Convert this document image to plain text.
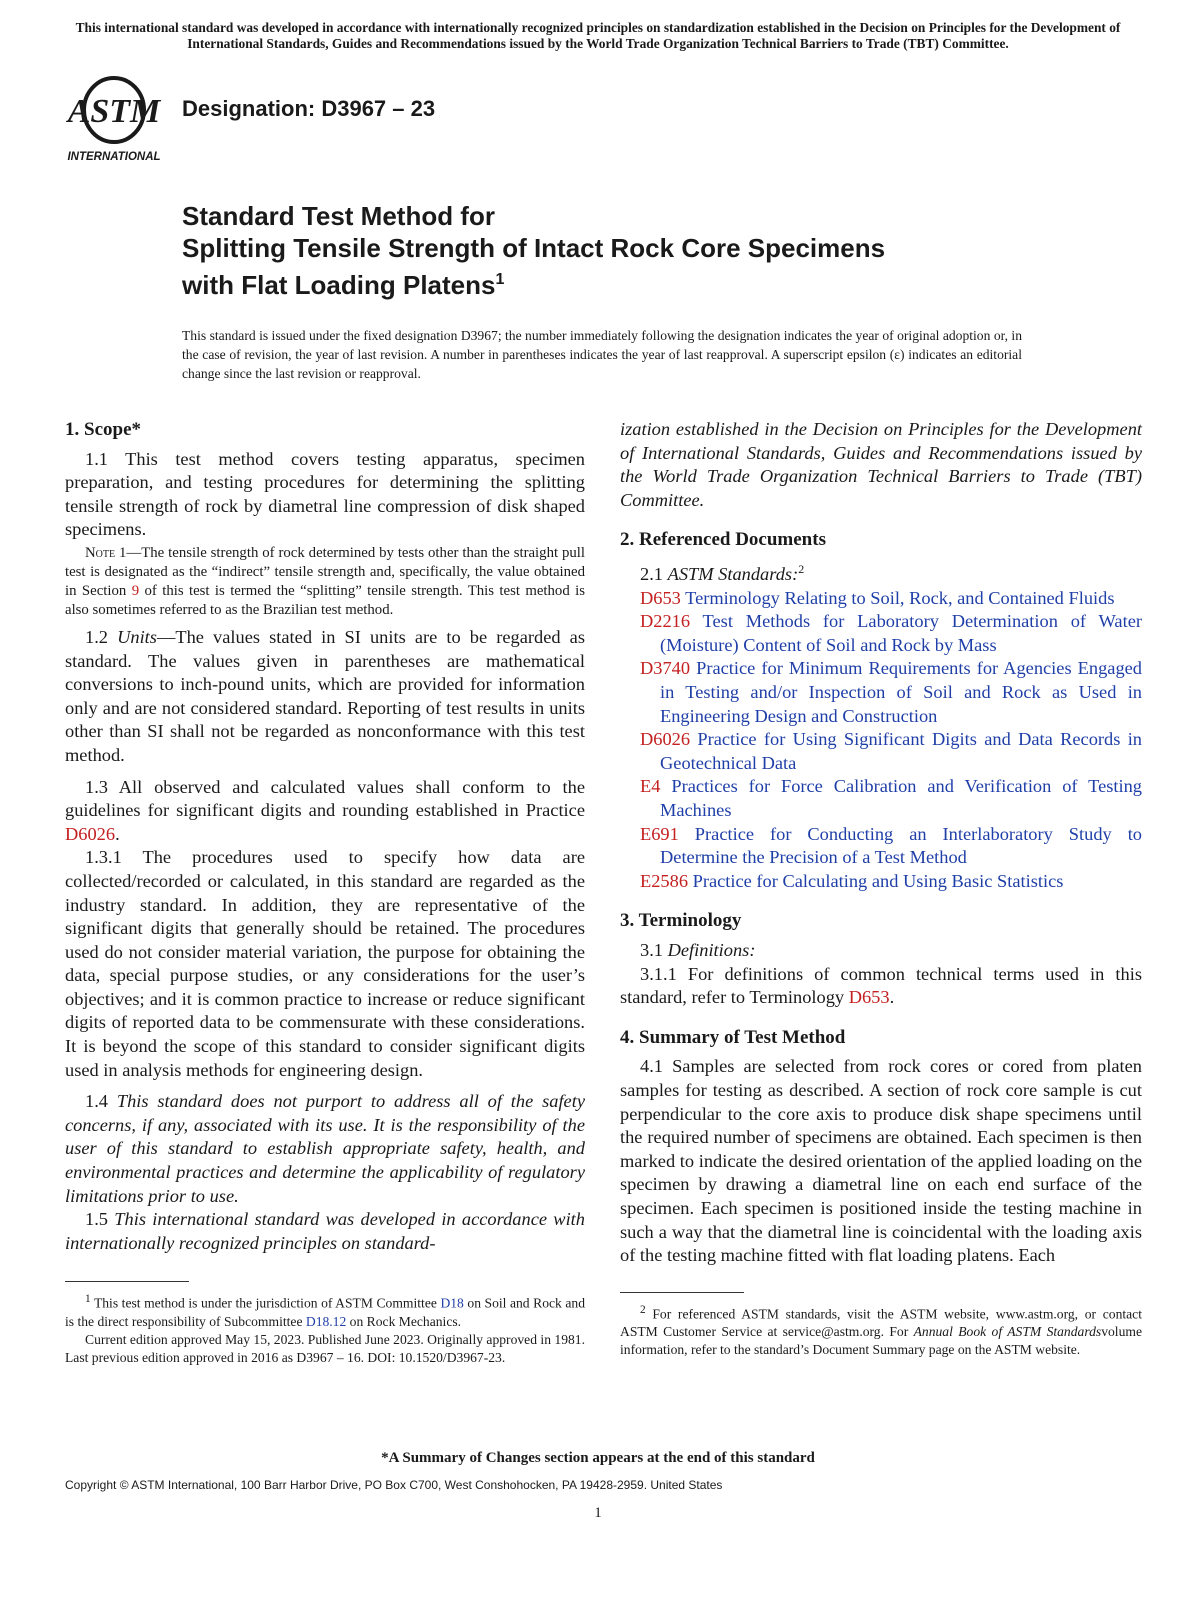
This international standard was developed in accordance with internationally recognized principles on standardization established in the Decision on Principles for the Development of International Standards, Guides and Recommendations issued by the World Trade Organization Technical Barriers to Trade (TBT) Committee.
ASTM
INTERNATIONAL
Designation: D3967 – 23
Standard Test Method for
Splitting Tensile Strength of Intact Rock Core Specimens
with Flat Loading Platens$^1$
This standard is issued under the fixed designation D3967; the number immediately following the designation indicates the year of original adoption or, in the case of revision, the year of last revision. A number in parentheses indicates the year of last reapproval. A superscript epsilon (ε) indicates an editorial change since the last revision or reapproval.

1. Scope*

1.1 This test method covers testing apparatus, specimen preparation, and testing procedures for determining the splitting tensile strength of rock by diametral line compression of disk shaped specimens.

Note 1—The tensile strength of rock determined by tests other than the straight pull test is designated as the “indirect” tensile strength and, specifically, the value obtained in Section 9 of this test is termed the “splitting” tensile strength. This test method is also sometimes referred to as the Brazilian test method.

1.2 Units—The values stated in SI units are to be regarded as standard. The values given in parentheses are mathematical conversions to inch-pound units, which are provided for information only and are not considered standard. Reporting of test results in units other than SI shall not be regarded as nonconformance with this test method.

1.3 All observed and calculated values shall conform to the guidelines for significant digits and rounding established in Practice D6026.

1.3.1 The procedures used to specify how data are collected/recorded or calculated, in this standard are regarded as the industry standard. In addition, they are representative of the significant digits that generally should be retained. The procedures used do not consider material variation, the purpose for obtaining the data, special purpose studies, or any considerations for the user’s objectives; and it is common practice to increase or reduce significant digits of reported data to be commensurate with these considerations. It is beyond the scope of this standard to consider significant digits used in analysis methods for engineering design.

1.4 This standard does not purport to address all of the safety concerns, if any, associated with its use. It is the responsibility of the user of this standard to establish appropriate safety, health, and environmental practices and determine the applicability of regulatory limitations prior to use.

1.5 This international standard was developed in accordance with internationally recognized principles on standard-

$^1$ This test method is under the jurisdiction of ASTM Committee D18 on Soil and Rock and is the direct responsibility of Subcommittee D18.12 on Rock Mechanics.

Current edition approved May 15, 2023. Published June 2023. Originally approved in 1981. Last previous edition approved in 2016 as D3967 – 16. DOI: 10.1520/D3967-23.

ization established in the Decision on Principles for the Development of International Standards, Guides and Recommendations issued by the World Trade Organization Technical Barriers to Trade (TBT) Committee.

2. Referenced Documents

2.1 ASTM Standards:$^2$

D653 Terminology Relating to Soil, Rock, and Contained Fluids

D2216 Test Methods for Laboratory Determination of Water (Moisture) Content of Soil and Rock by Mass

D3740 Practice for Minimum Requirements for Agencies Engaged in Testing and/or Inspection of Soil and Rock as Used in Engineering Design and Construction

D6026 Practice for Using Significant Digits and Data Records in Geotechnical Data

E4 Practices for Force Calibration and Verification of Testing Machines

E691 Practice for Conducting an Interlaboratory Study to Determine the Precision of a Test Method

E2586 Practice for Calculating and Using Basic Statistics

3. Terminology

3.1 Definitions:

3.1.1 For definitions of common technical terms used in this standard, refer to Terminology D653.

4. Summary of Test Method

4.1 Samples are selected from rock cores or cored from platen samples for testing as described. A section of rock core sample is cut perpendicular to the core axis to produce disk shape specimens until the required number of specimens are obtained. Each specimen is then marked to indicate the desired orientation of the applied loading on the specimen by drawing a diametral line on each end surface of the specimen. Each specimen is positioned inside the testing machine in such a way that the diametral line is coincidental with the loading axis of the testing machine fitted with flat loading platens. Each

$^2$ For referenced ASTM standards, visit the ASTM website, www.astm.org, or contact ASTM Customer Service at service@astm.org. For Annual Book of ASTM Standardsvolume information, refer to the standard’s Document Summary page on the ASTM website.

*A Summary of Changes section appears at the end of this standard
Copyright © ASTM International, 100 Barr Harbor Drive, PO Box C700, West Conshohocken, PA 19428-2959. United States
1
